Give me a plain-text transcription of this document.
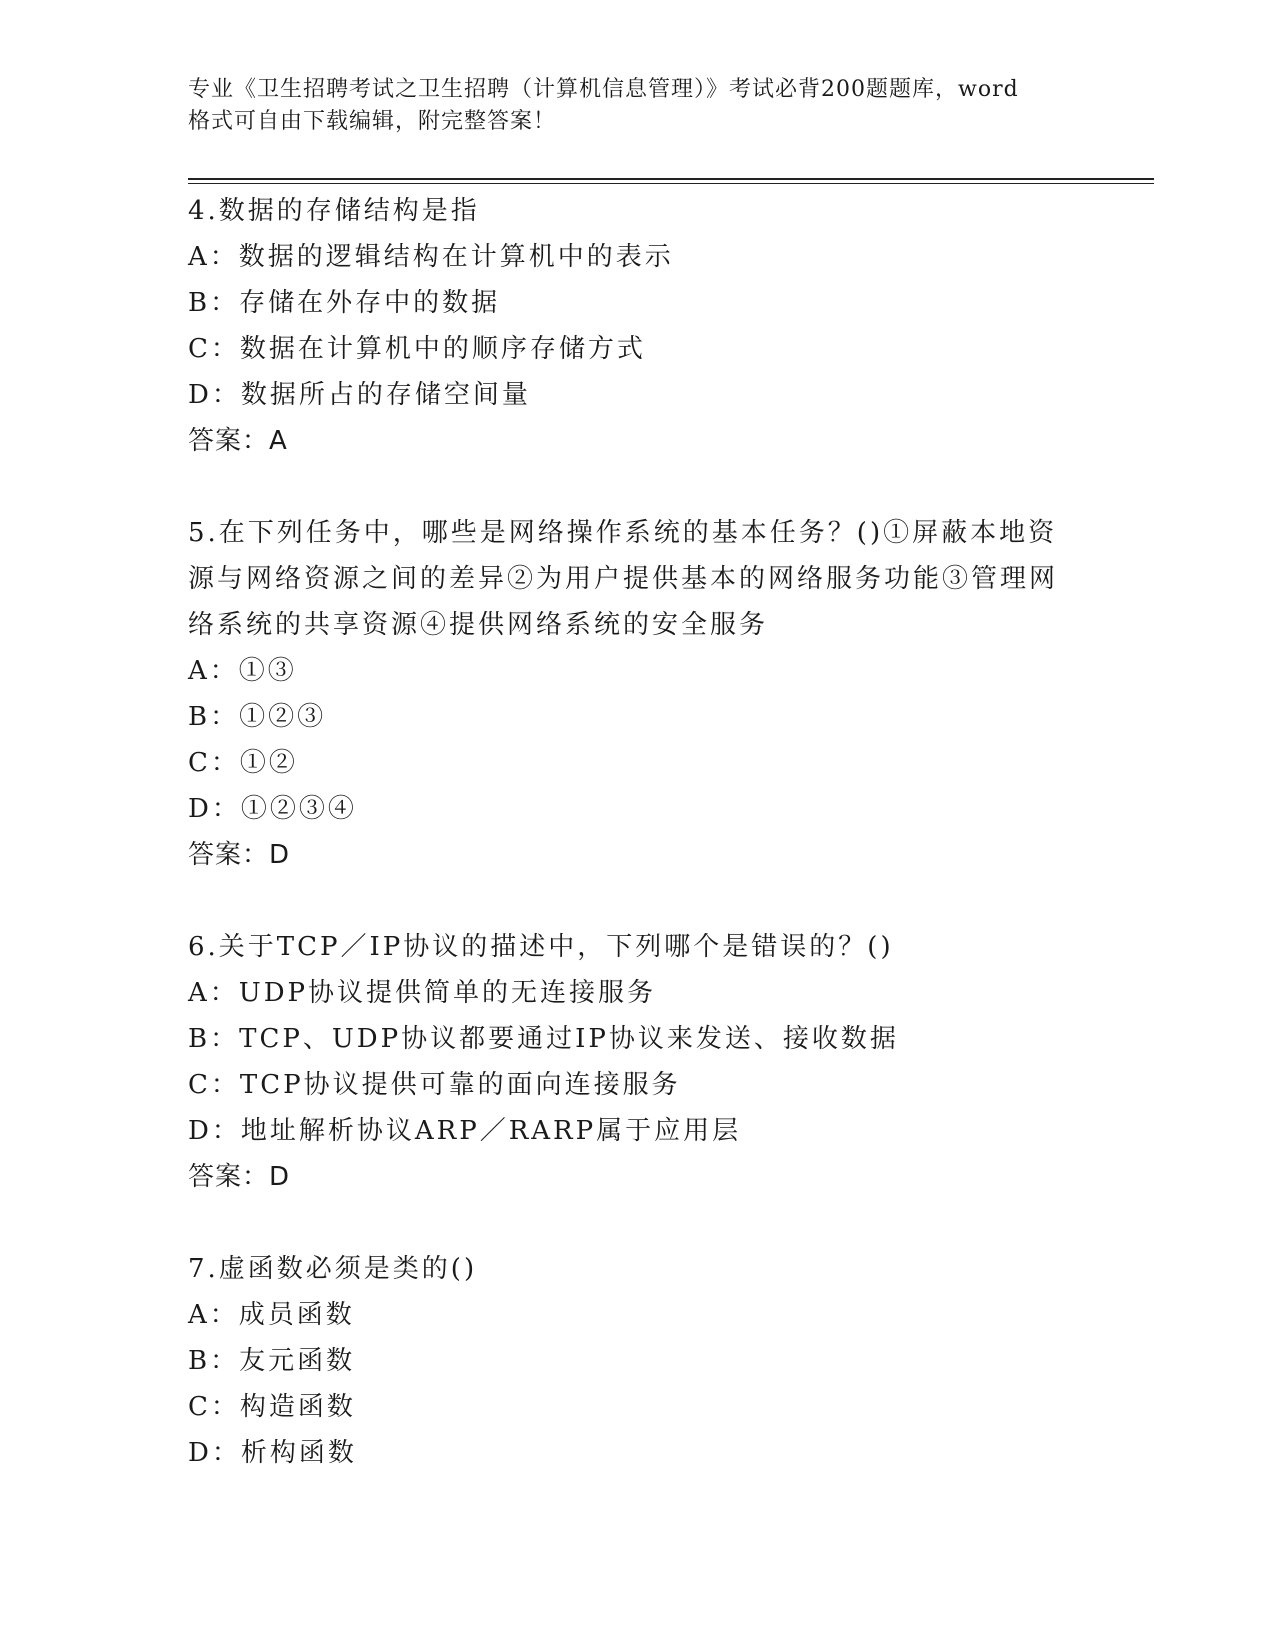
专业《卫生招聘考试之卫生招聘（计算机信息管理）》考试必背200题题库，word
格式可自由下载编辑，附完整答案！
4.数据的存储结构是指
A：数据的逻辑结构在计算机中的表示
B：存储在外存中的数据
C：数据在计算机中的顺序存储方式
D：数据所占的存储空间量
答案：A
5.在下列任务中，哪些是网络操作系统的基本任务？()①屏蔽本地资
源与网络资源之间的差异②为用户提供基本的网络服务功能③管理网
络系统的共享资源④提供网络系统的安全服务
A：①③
B：①②③
C：①②
D：①②③④
答案：D
6.关于TCP／IP协议的描述中，下列哪个是错误的？()
A：UDP协议提供简单的无连接服务
B：TCP、UDP协议都要通过IP协议来发送、接收数据
C：TCP协议提供可靠的面向连接服务
D：地址解析协议ARP／RARP属于应用层
答案：D
7.虚函数必须是类的()
A：成员函数
B：友元函数
C：构造函数
D：析构函数
